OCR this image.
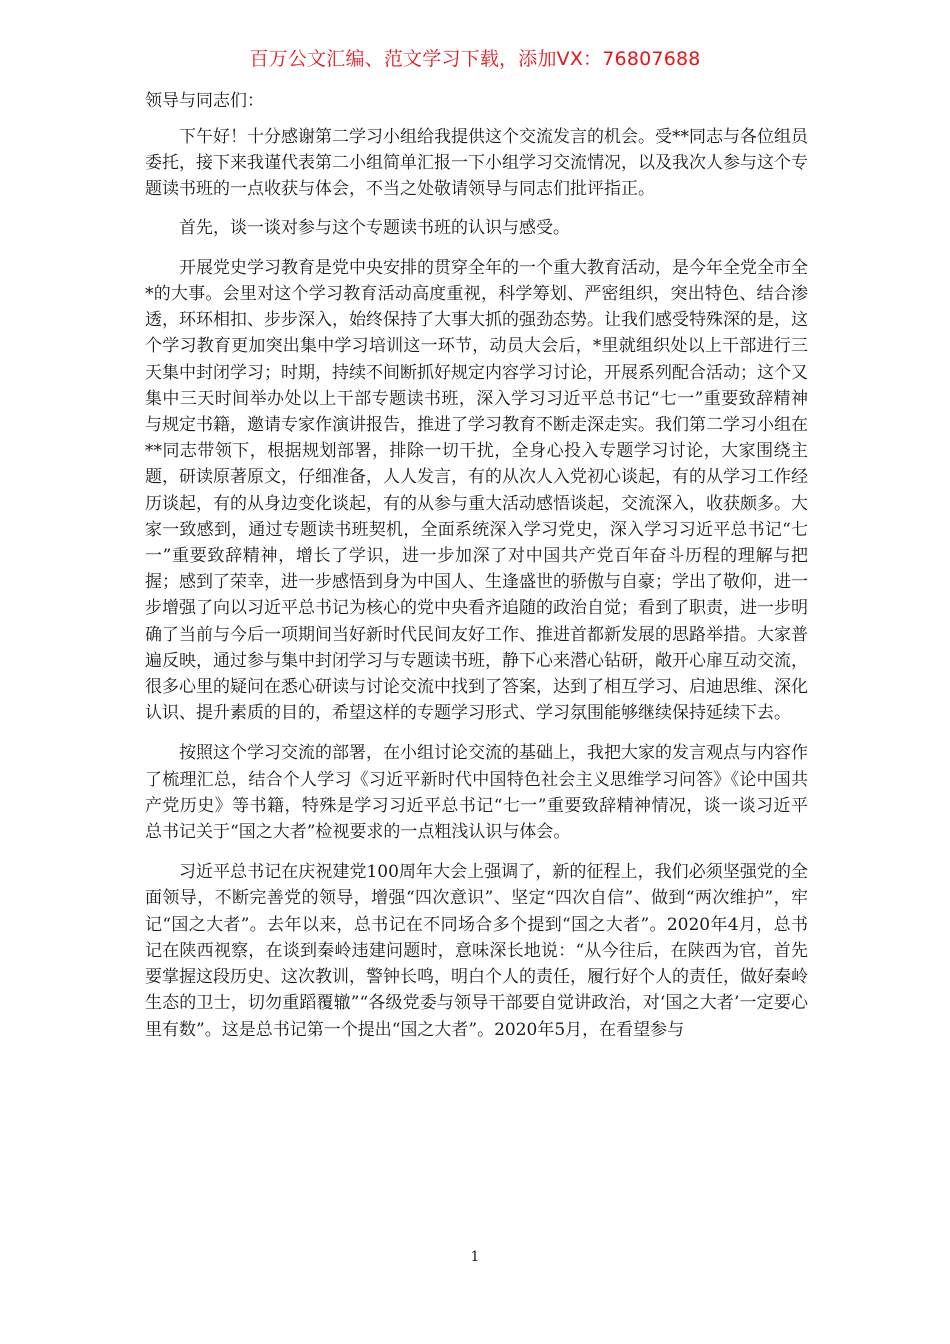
百万公文汇编、范文学习下载，添加VX：76807688

领导与同志们：

下午好！十分感谢第二学习小组给我提供这个交流发言的机会。受**同志与各位组员委托，接下来我谨代表第二小组简单汇报一下小组学习交流情况，以及我次人参与这个专题读书班的一点收获与体会，不当之处敬请领导与同志们批评指正。

首先，谈一谈对参与这个专题读书班的认识与感受。

开展党史学习教育是党中央安排的贯穿全年的一个重大教育活动，是今年全党全市全*的大事。会里对这个学习教育活动高度重视，科学筹划、严密组织，突出特色、结合渗透，环环相扣、步步深入，始终保持了大事大抓的强劲态势。让我们感受特殊深的是，这个学习教育更加突出集中学习培训这一环节，动员大会后，*里就组织处以上干部进行三天集中封闭学习；时期，持续不间断抓好规定内容学习讨论，开展系列配合活动；这个又集中三天时间举办处以上干部专题读书班，深入学习习近平总书记“七一”重要致辞精神与规定书籍，邀请专家作演讲报告，推进了学习教育不断走深走实。我们第二学习小组在**同志带领下，根据规划部署，排除一切干扰，全身心投入专题学习讨论，大家围绕主题，研读原著原文，仔细准备，人人发言，有的从次人入党初心谈起，有的从学习工作经历谈起，有的从身边变化谈起，有的从参与重大活动感悟谈起，交流深入，收获颇多。大家一致感到，通过专题读书班契机，全面系统深入学习党史，深入学习习近平总书记“七一”重要致辞精神，增长了学识，进一步加深了对中国共产党百年奋斗历程的理解与把握；感到了荣幸，进一步感悟到身为中国人、生逢盛世的骄傲与自豪；学出了敬仰，进一步增强了向以习近平总书记为核心的党中央看齐追随的政治自觉；看到了职责，进一步明确了当前与今后一项期间当好新时代民间友好工作、推进首都新发展的思路举措。大家普遍反映，通过参与集中封闭学习与专题读书班，静下心来潜心钻研，敞开心扉互动交流，很多心里的疑问在悉心研读与讨论交流中找到了答案，达到了相互学习、启迪思维、深化认识、提升素质的目的，希望这样的专题学习形式、学习氛围能够继续保持延续下去。

按照这个学习交流的部署，在小组讨论交流的基础上，我把大家的发言观点与内容作了梳理汇总，结合个人学习《习近平新时代中国特色社会主义思维学习问答》《论中国共产党历史》等书籍，特殊是学习习近平总书记“七一”重要致辞精神情况，谈一谈习近平总书记关于“国之大者”检视要求的一点粗浅认识与体会。

习近平总书记在庆祝建党100周年大会上强调了，新的征程上，我们必须坚强党的全面领导，不断完善党的领导，增强“四次意识”、坚定“四次自信”、做到“两次维护”，牢记“国之大者”。去年以来，总书记在不同场合多个提到“国之大者”。2020年4月，总书记在陕西视察，在谈到秦岭违建问题时，意味深长地说：“从今往后，在陕西为官，首先要掌握这段历史、这次教训，警钟长鸣，明白个人的责任，履行好个人的责任，做好秦岭生态的卫士，切勿重蹈覆辙”“各级党委与领导干部要自觉讲政治，对‘国之大者’一定要心里有数”。这是总书记第一个提出“国之大者”。2020年5月，在看望参与

1
